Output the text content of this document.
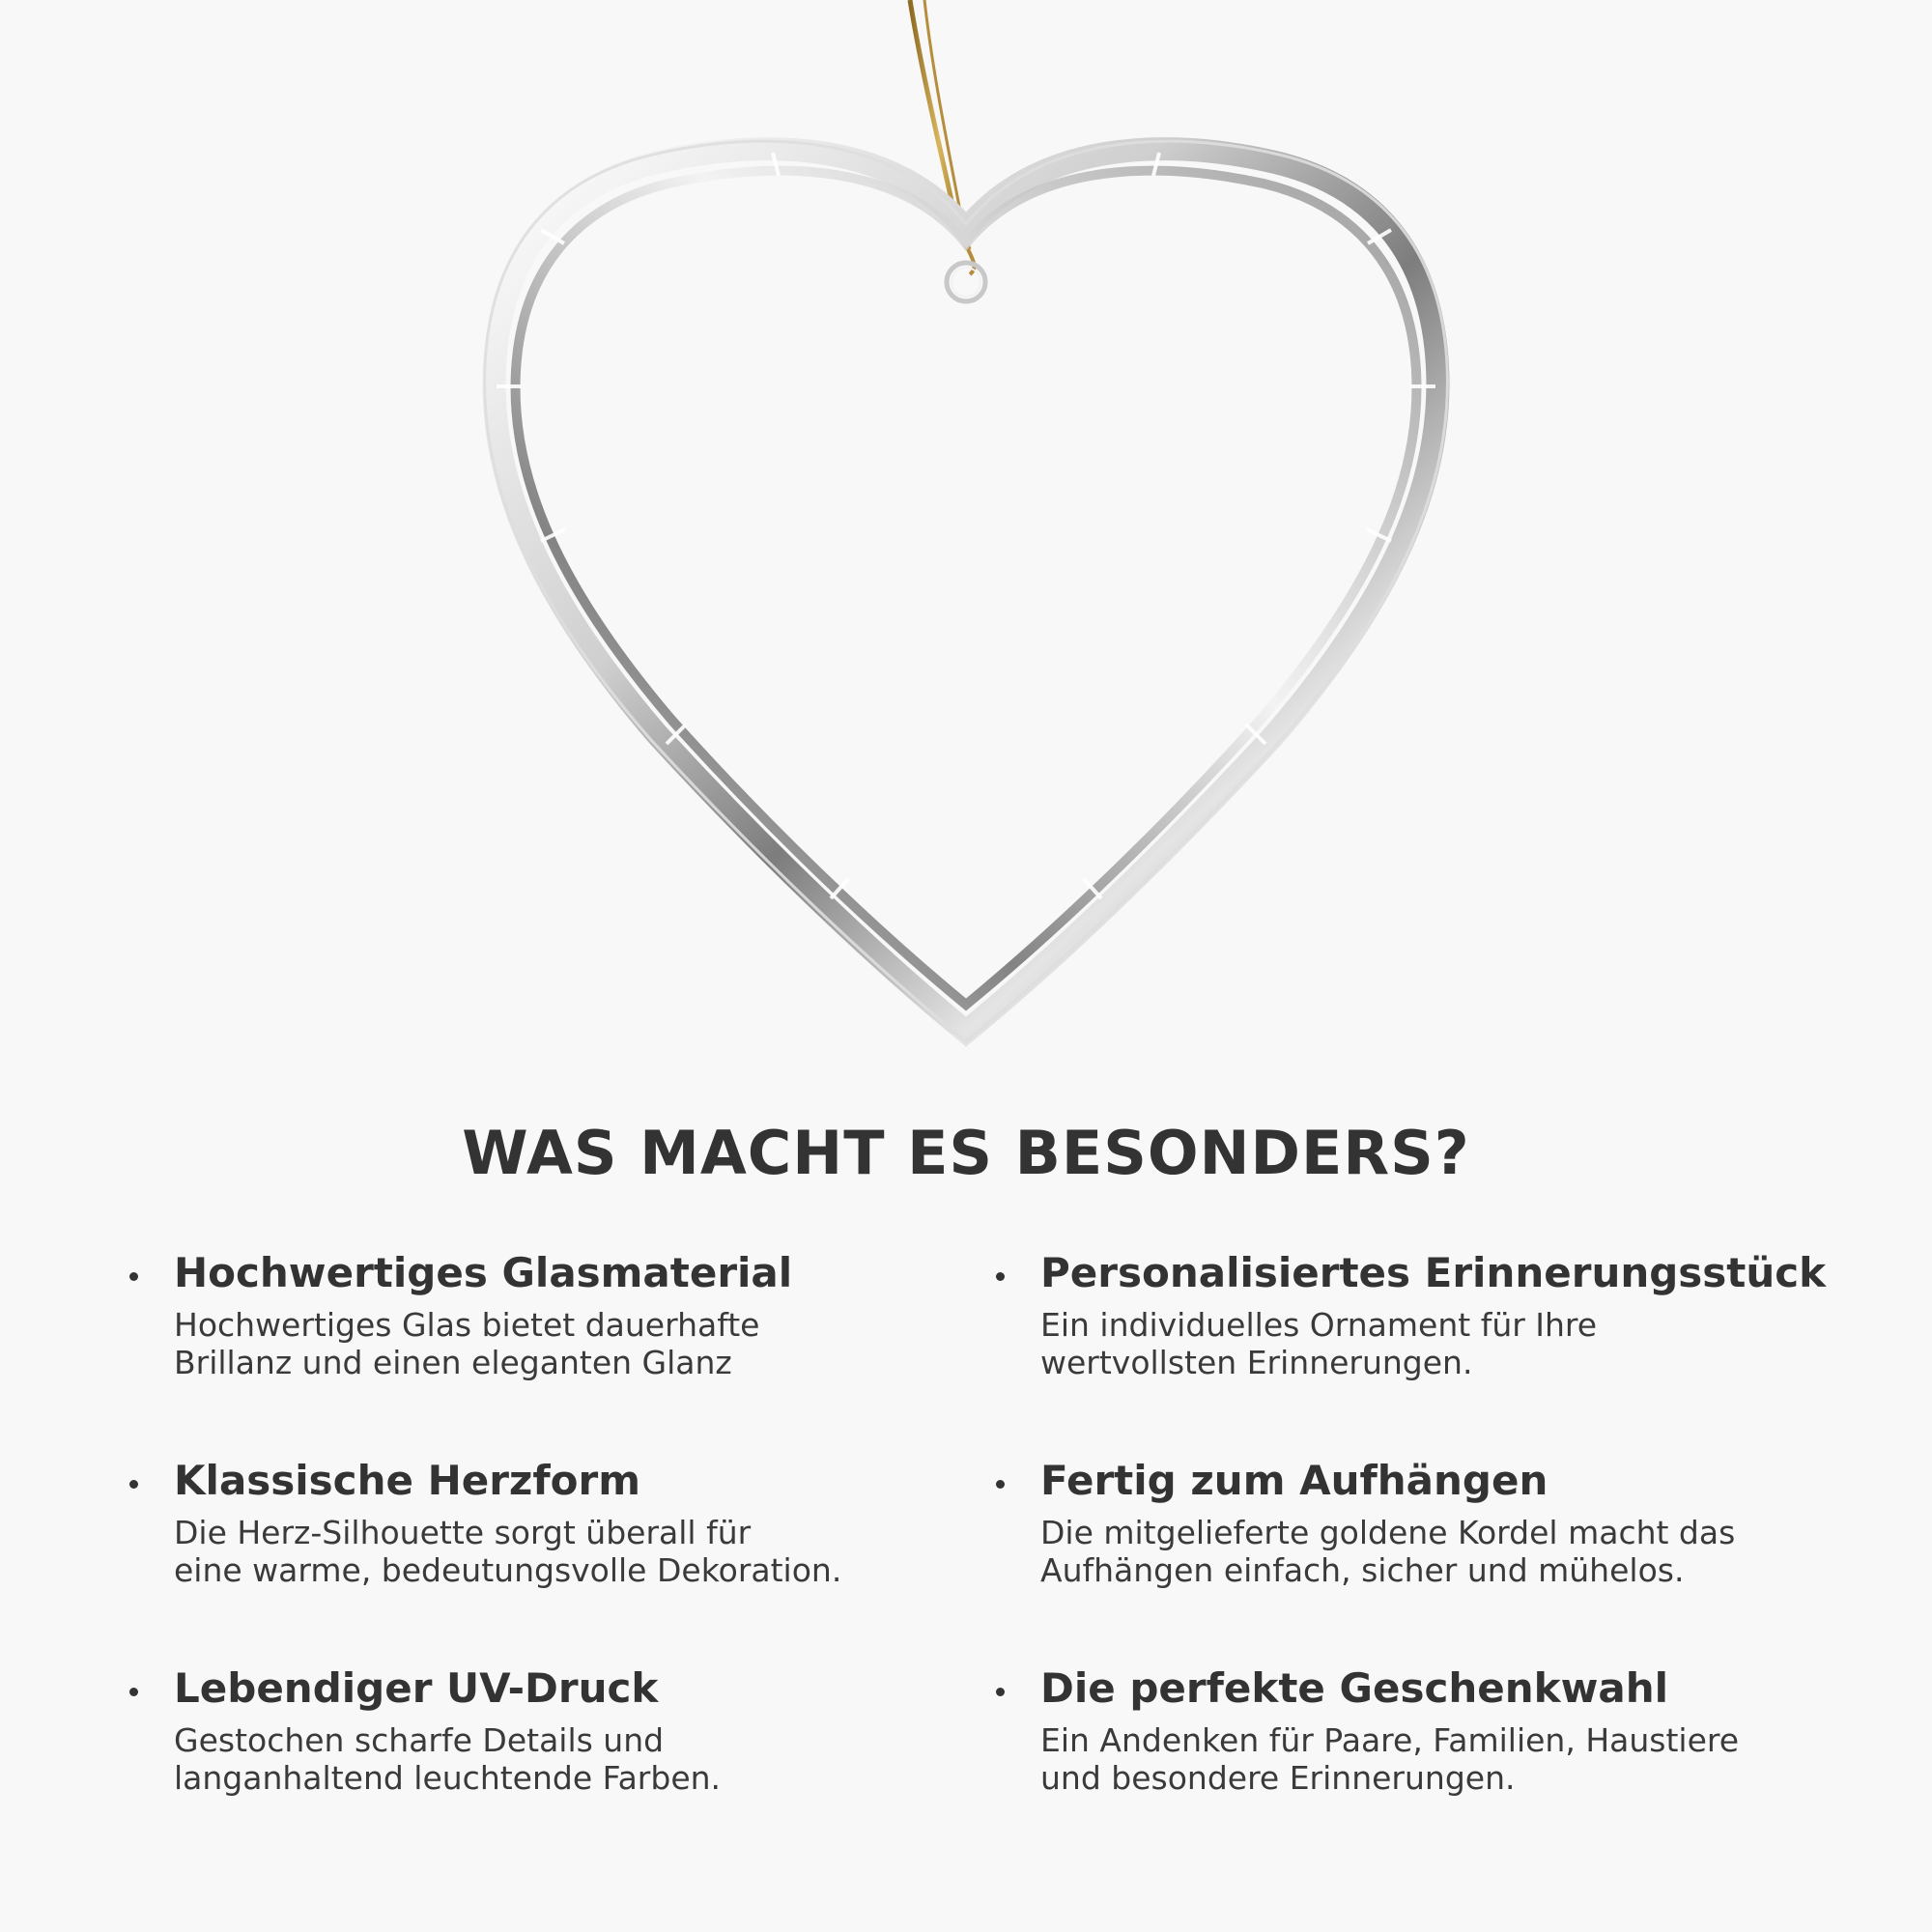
WAS MACHT ES BESONDERS?

Hochwertiges Glasmaterial

Hochwertiges Glas bietet dauerhafte
Brillanz und einen eleganten Glanz

Personalisiertes Erinnerungsstück

Ein individuelles Ornament für Ihre
wertvollsten Erinnerungen.

Klassische Herzform

Die Herz-Silhouette sorgt überall für
eine warme, bedeutungsvolle Dekoration.

Fertig zum Aufhängen

Die mitgelieferte goldene Kordel macht das
Aufhängen einfach, sicher und mühelos.

Lebendiger UV-Druck

Gestochen scharfe Details und
langanhaltend leuchtende Farben.

Die perfekte Geschenkwahl

Ein Andenken für Paare, Familien, Haustiere
und besondere Erinnerungen.
